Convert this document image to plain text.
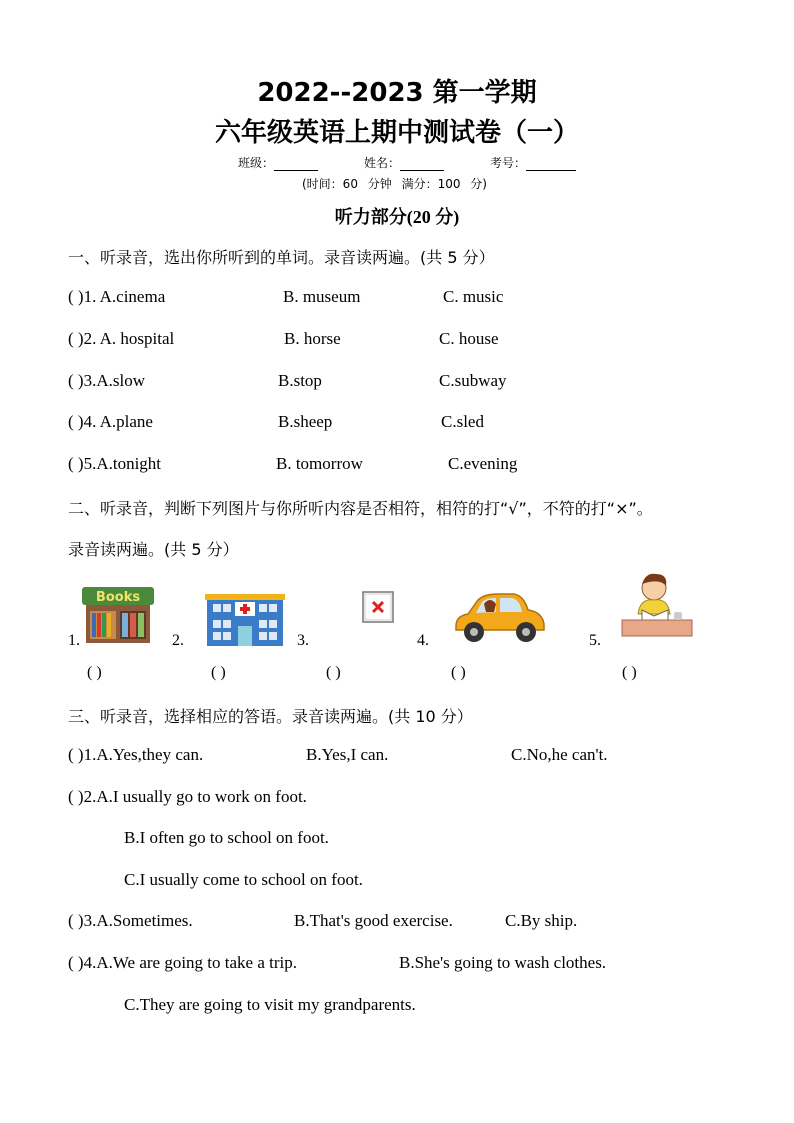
2022--2023 第一学期
六年级英语上期中测试卷（一）
班级：	姓名：	考号：
(时间：60 分钟 满分：100 分)
听力部分(20 分)
一、听录音，选出你所听到的单词。录音读两遍。(共 5 分）
( )1. A.cinema	B. museum	C. music
( )2. A. hospital	B. horse	C. house
( )3.A.slow	B.stop	C.subway
( )4. A.plane	B.sheep	C.sled
( )5.A.tonight	B. tomorrow	C.evening
二、听录音，判断下列图片与你所听内容是否相符，相符的打“√”，不符的打“×”。
录音读两遍。(共 5 分）
Books
1.	2.	3.	4.	5.
( )	( )	( )	( )	( )
三、听录音，选择相应的答语。录音读两遍。(共 10 分）
( )1.A.Yes,they can.	B.Yes,I can.	C.No,he can't.
( )2.A.I usually go to work on foot.
B.I often go to school on foot.
C.I usually come to school on foot.
( )3.A.Sometimes.	B.That's good exercise.	C.By ship.
( )4.A.We are going to take a trip.	B.She's going to wash clothes.
C.They are going to visit my grandparents.
